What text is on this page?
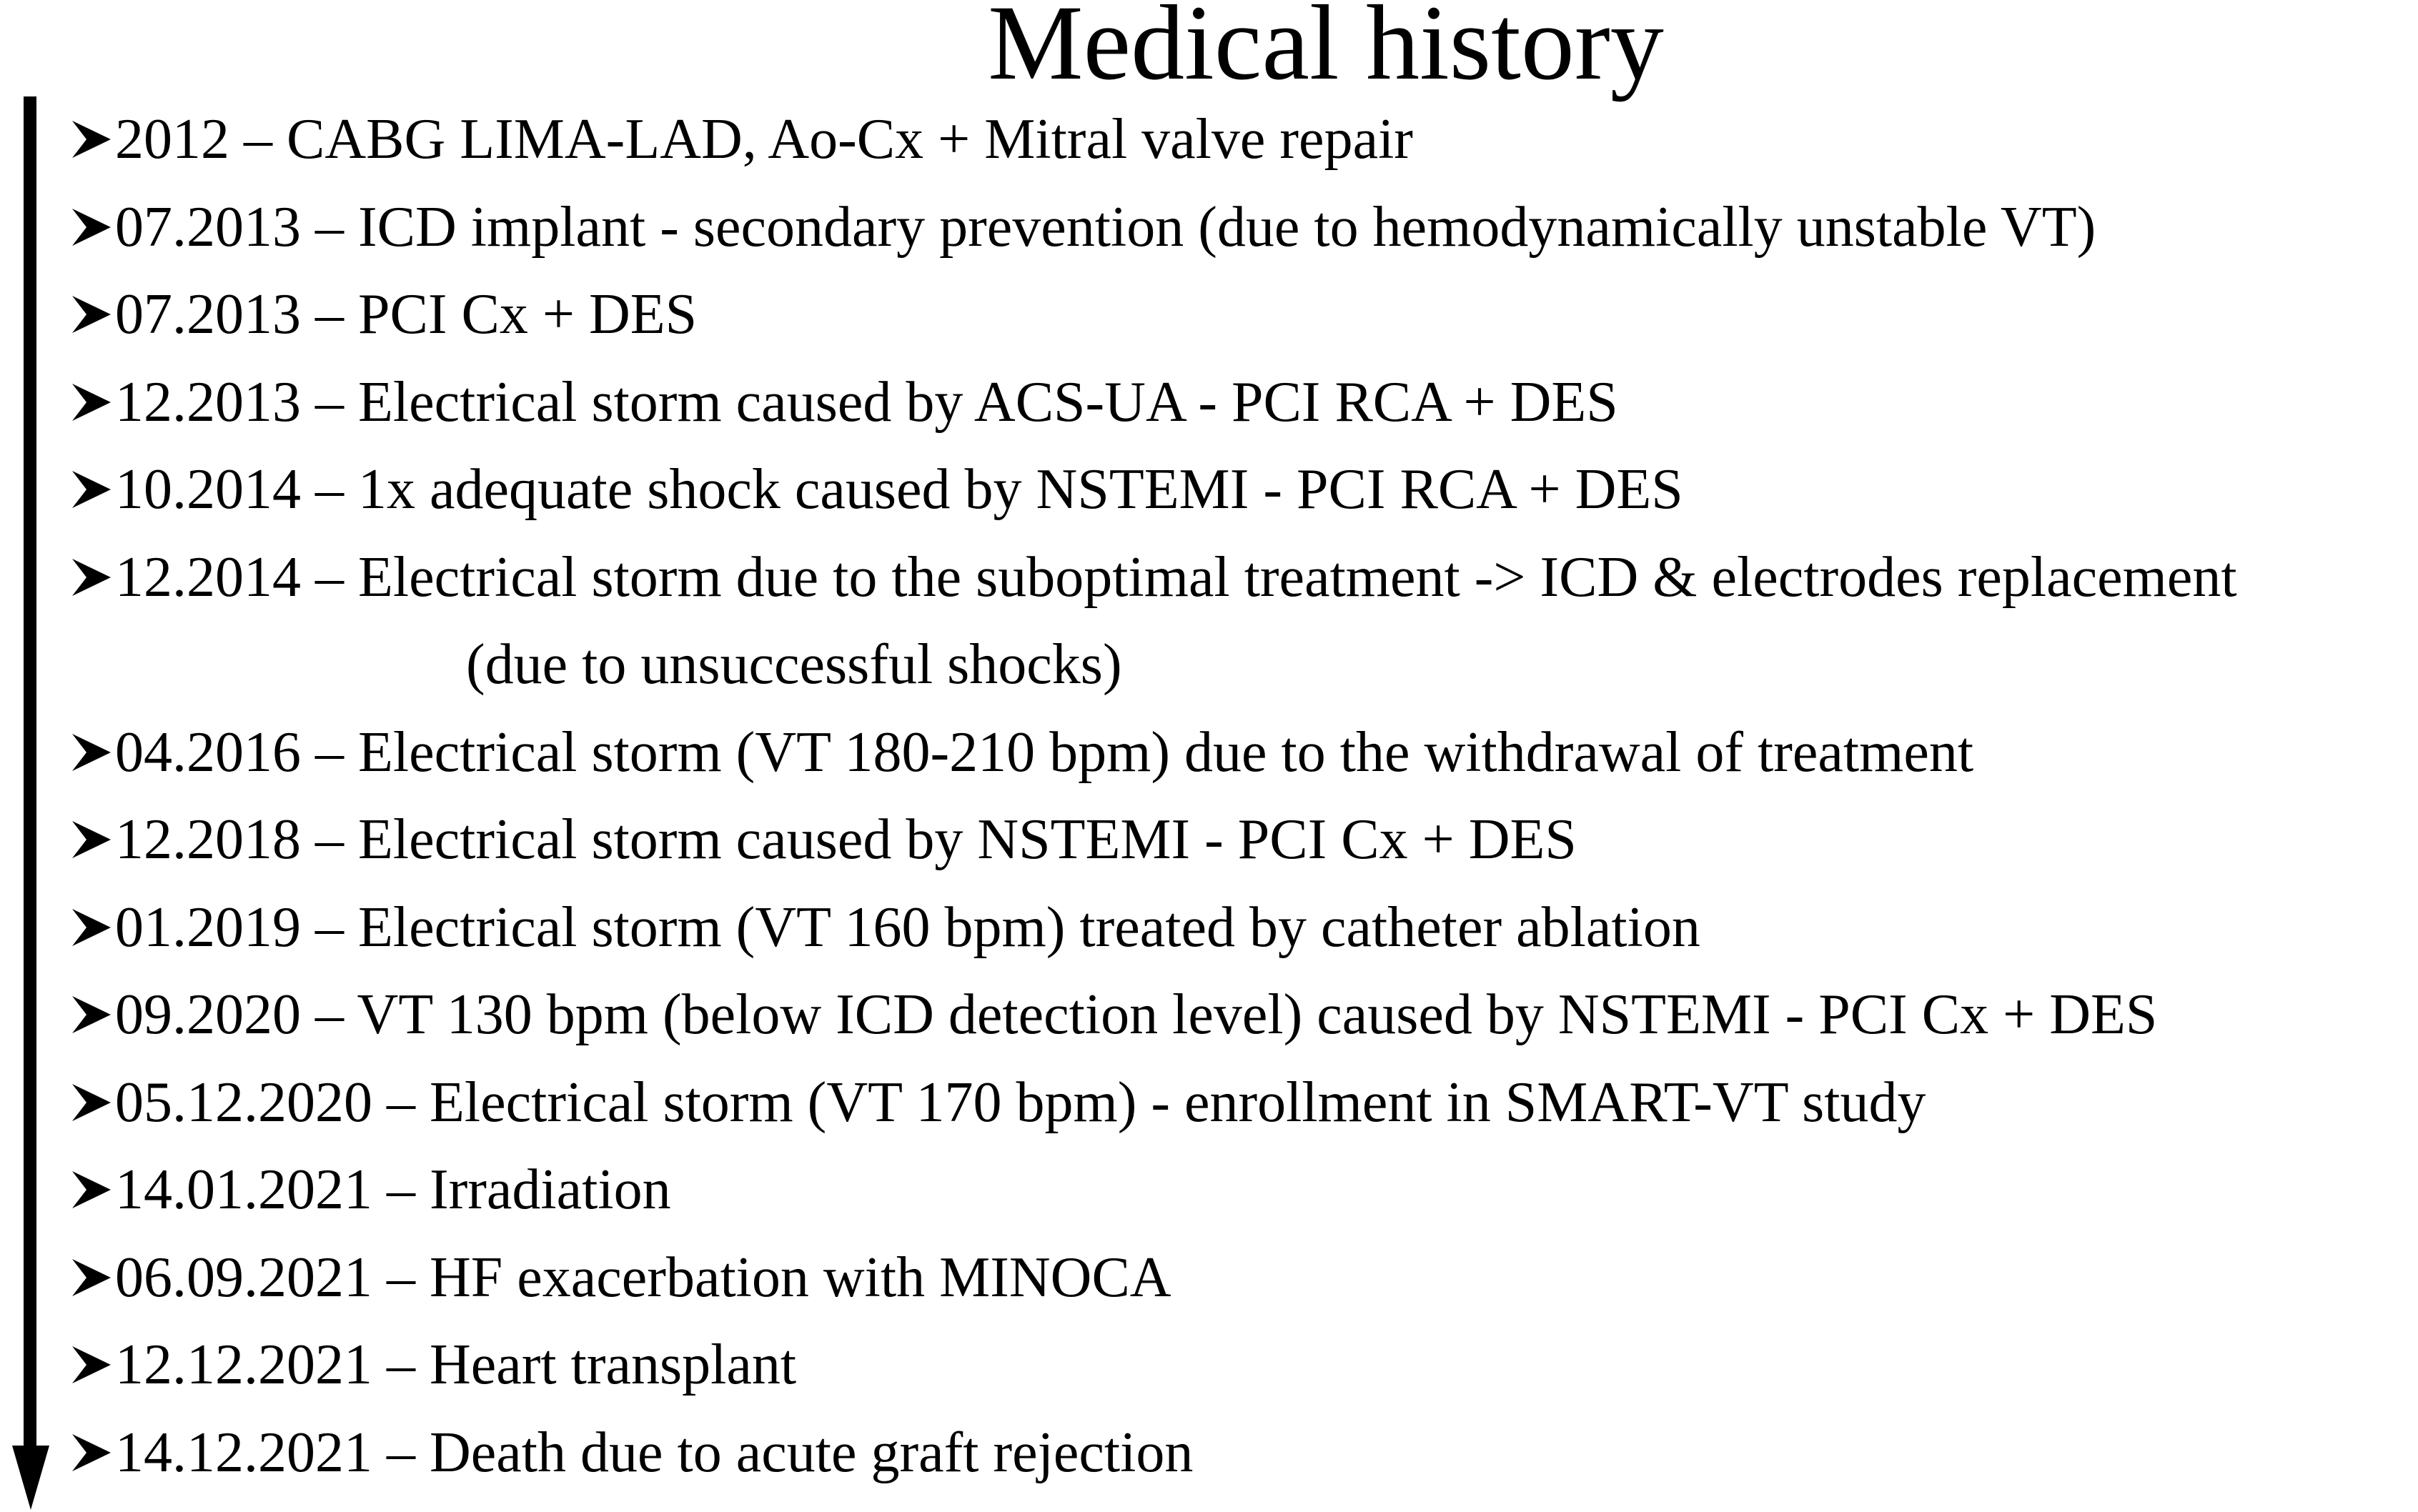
Medical history
2012 – CABG LIMA-LAD, Ao-Cx + Mitral valve repair
07.2013 – ICD implant - secondary prevention (due to hemodynamically unstable VT)
07.2013 – PCI Cx + DES
12.2013 – Electrical storm caused by ACS-UA - PCI RCA + DES
10.2014 – 1x adequate shock caused by NSTEMI - PCI RCA + DES
12.2014 – Electrical storm due to the suboptimal treatment -> ICD & electrodes replacement
(due to unsuccessful shocks)
04.2016 – Electrical storm (VT 180-210 bpm) due to the withdrawal of treatment
12.2018 – Electrical storm caused by NSTEMI - PCI Cx + DES
01.2019 – Electrical storm (VT 160 bpm) treated by catheter ablation
09.2020 – VT 130 bpm (below ICD detection level) caused by NSTEMI - PCI Cx + DES
05.12.2020 – Electrical storm (VT 170 bpm) - enrollment in SMART-VT study
14.01.2021 – Irradiation
06.09.2021 – HF exacerbation with MINOCA
12.12.2021 – Heart transplant
14.12.2021 – Death due to acute graft rejection
